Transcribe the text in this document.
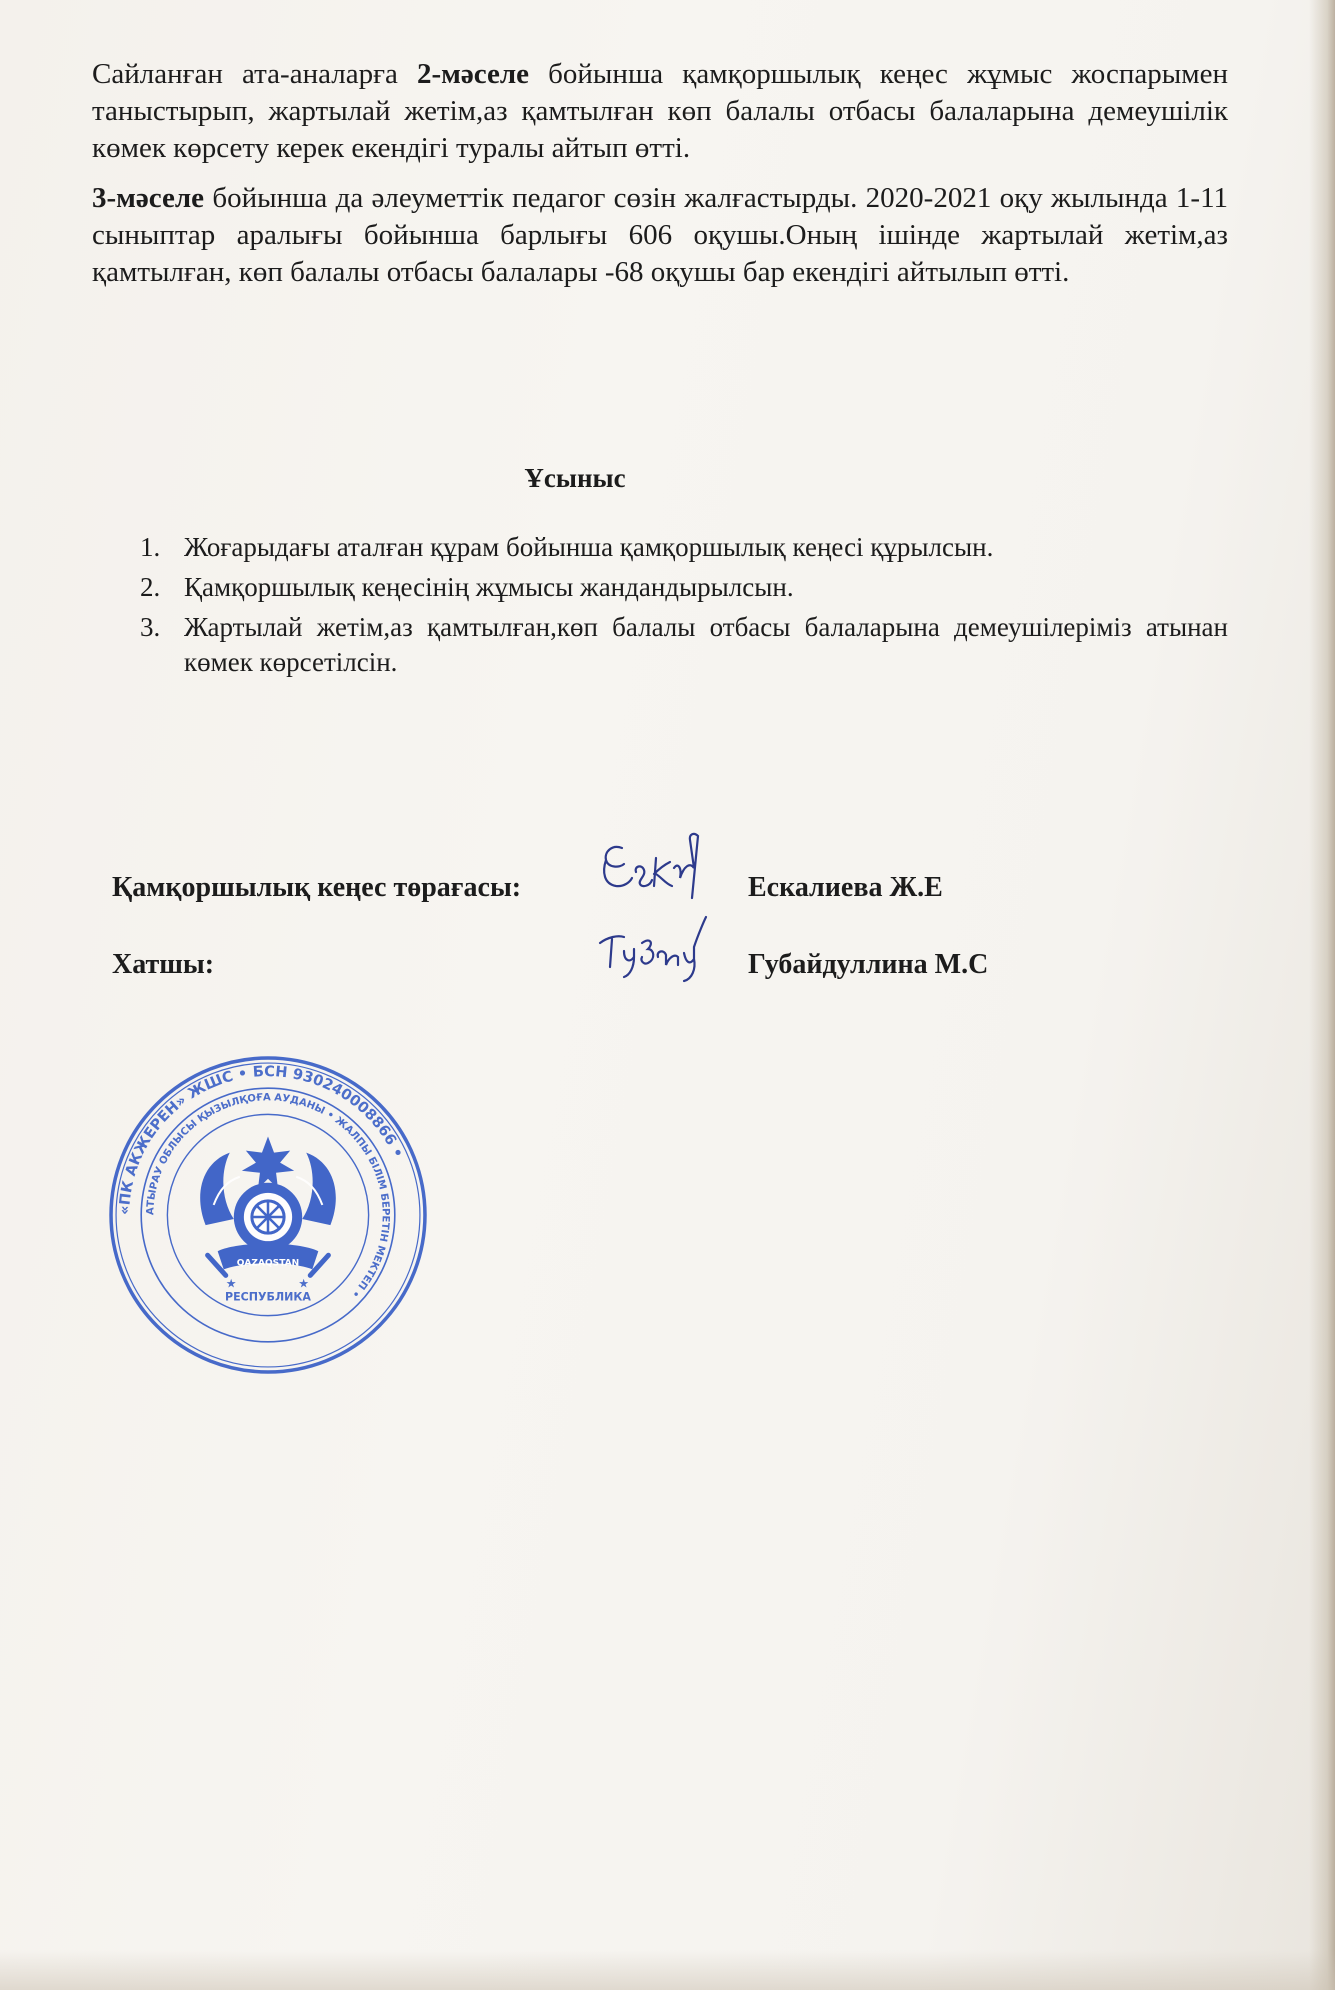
Сайланған ата-аналарға 2-мәселе бойынша қамқоршылық кеңес жұмыс жоспарымен таныстырып, жартылай жетім,аз қамтылған көп балалы отбасы балаларына демеушілік көмек көрсету керек екендігі туралы айтып өтті.

3-мәселе бойынша да әлеуметтік педагог сөзін жалғастырды. 2020-2021 оқу жылында 1-11 сыныптар аралығы бойынша барлығы 606 оқушы.Оның ішінде жартылай жетім,аз қамтылған, көп балалы отбасы балалары -68 оқушы бар екендігі айтылып өтті.

Ұсыныс
1. Жоғарыдағы аталған құрам бойынша қамқоршылық кеңесі құрылсын.
2. Қамқоршылық кеңесінің жұмысы жандандырылсын.
3. Жартылай жетім,аз қамтылған,көп балалы отбасы балаларына демеушілеріміз атынан көмек көрсетілсін.
Қамқоршылық кеңес төрағасы:	Ескалиева Ж.Е
Хатшы:	Губайдуллина М.С
«ПК АКЖЕРЕН» ЖШС • БСН 930240008866 •
АТЫРАУ ОБЛЫСЫ ҚЫЗЫЛҚОҒА АУДАНЫ • ЖАЛПЫ БІЛІМ БЕРЕТІН МЕКТЕП •
QAZAQSTAN
РЕСПУБЛИКА
★	★
